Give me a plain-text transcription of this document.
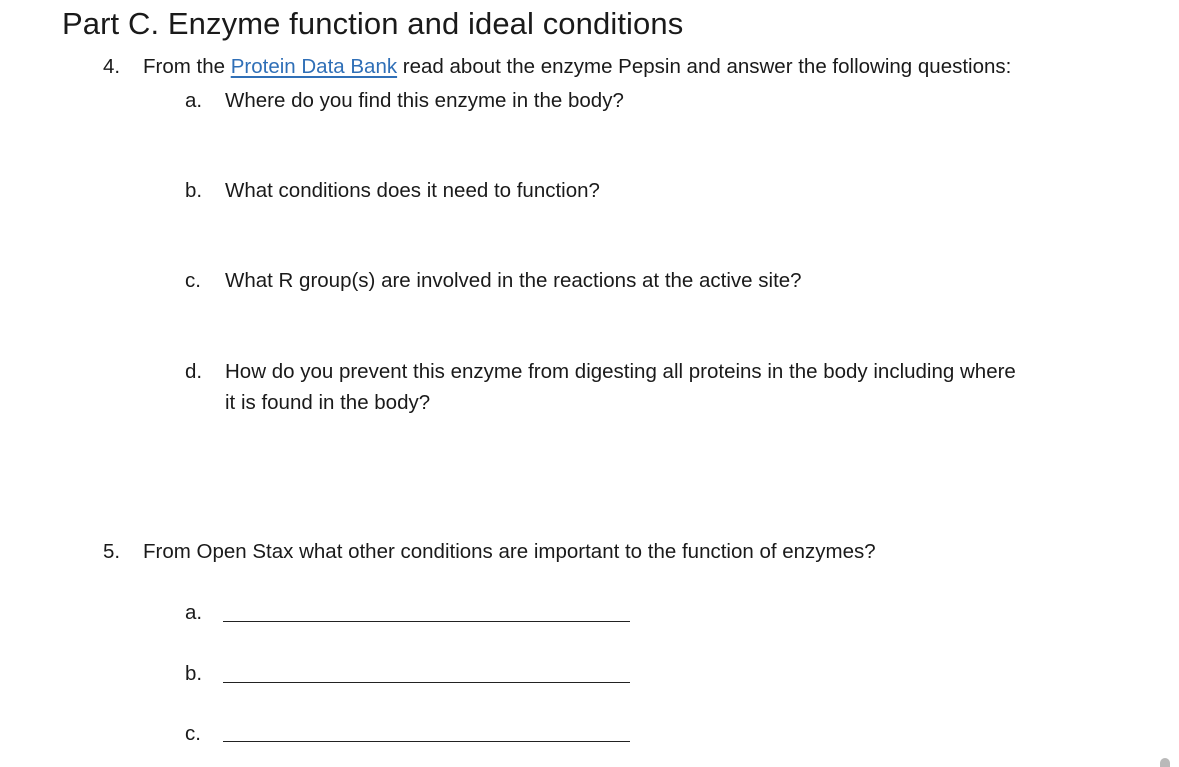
Part C. Enzyme function and ideal conditions
4.	From the Protein Data Bank read about the enzyme Pepsin and answer the following questions:
a.	Where do you find this enzyme in the body?
b.	What conditions does it need to function?
c.	What R group(s) are involved in the reactions at the active site?
d.	How do you prevent this enzyme from digesting all proteins in the body including where
it is found in the body?
5.	From Open Stax what other conditions are important to the function of enzymes?
a.
b.
c.
